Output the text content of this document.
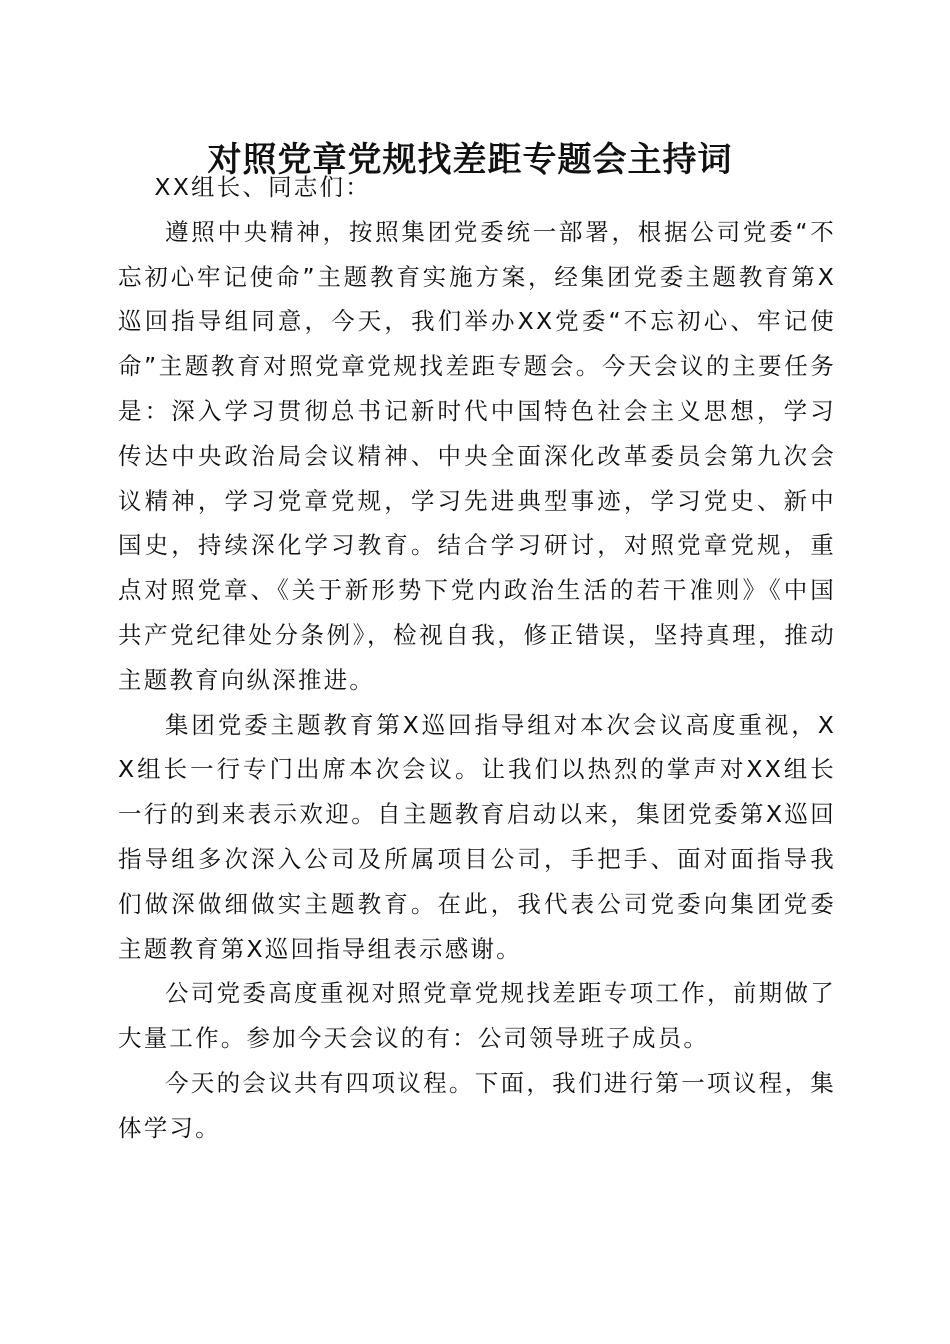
对照党章党规找差距专题会主持词

XX组长、同志们：

遵照中央精神，按照集团党委统一部署，根据公司党委“不忘初心牢记使命”主题教育实施方案，经集团党委主题教育第X巡回指导组同意，今天，我们举办XX党委“不忘初心、牢记使命”主题教育对照党章党规找差距专题会。今天会议的主要任务是：深入学习贯彻总书记新时代中国特色社会主义思想，学习传达中央政治局会议精神、中央全面深化改革委员会第九次会议精神，学习党章党规，学习先进典型事迹，学习党史、新中国史，持续深化学习教育。结合学习研讨，对照党章党规，重点对照党章、《关于新形势下党内政治生活的若干准则》《中国共产党纪律处分条例》，检视自我，修正错误，坚持真理，推动主题教育向纵深推进。

集团党委主题教育第X巡回指导组对本次会议高度重视，XX组长一行专门出席本次会议。让我们以热烈的掌声对XX组长一行的到来表示欢迎。自主题教育启动以来，集团党委第X巡回指导组多次深入公司及所属项目公司，手把手、面对面指导我们做深做细做实主题教育。在此，我代表公司党委向集团党委主题教育第X巡回指导组表示感谢。

公司党委高度重视对照党章党规找差距专项工作，前期做了大量工作。参加今天会议的有：公司领导班子成员。

今天的会议共有四项议程。下面，我们进行第一项议程，集体学习。
